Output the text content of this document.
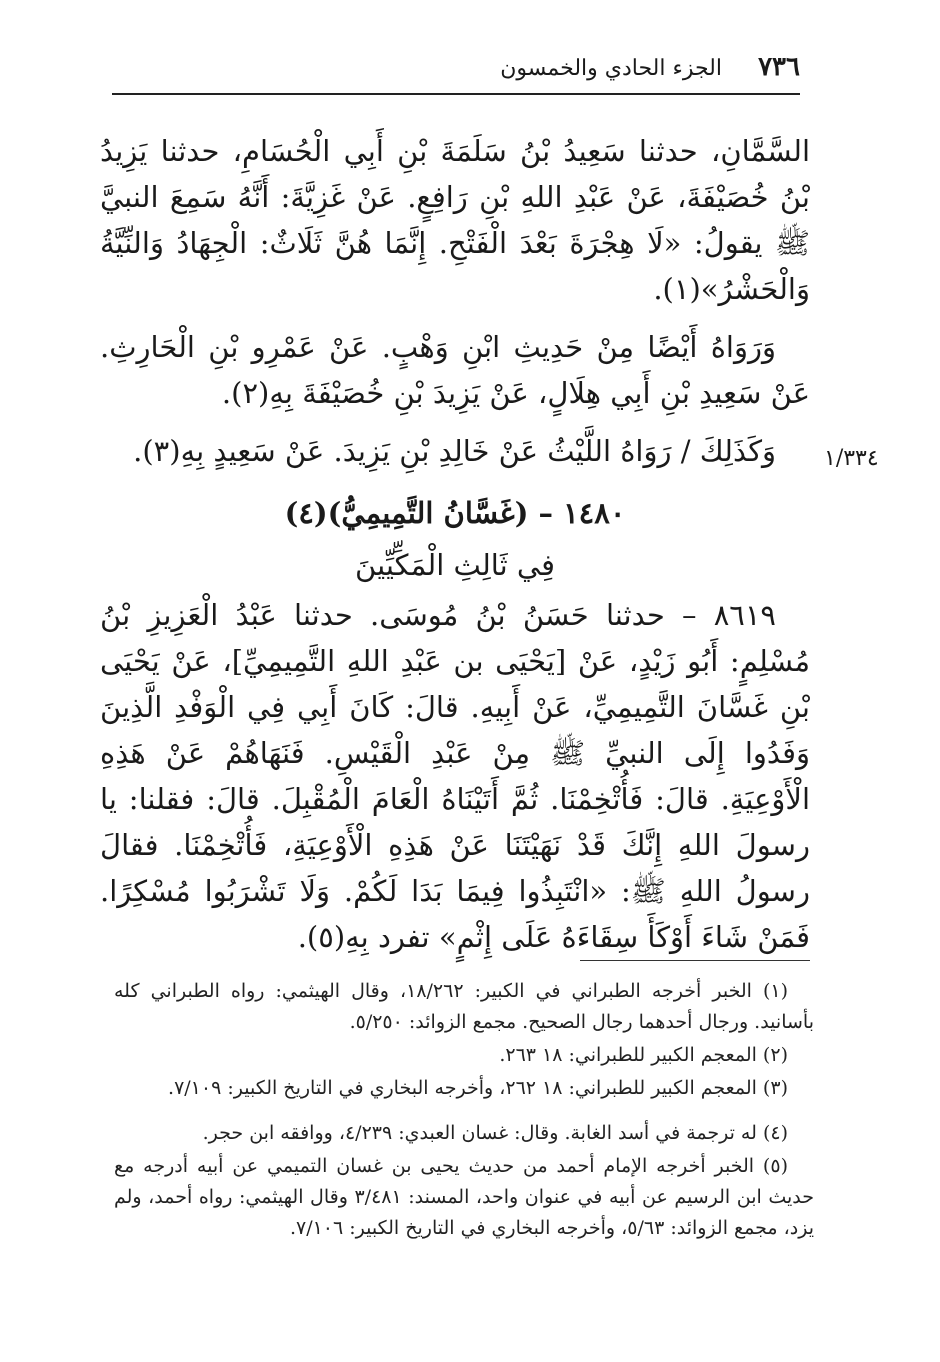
٧٣٦
الجزء الحادي والخمسون

السَّمَّانِ، حدثنا سَعِيدُ بْنُ سَلَمَةَ بْنِ أَبِي الْحُسَامِ، حدثنا يَزِيدُ بْنُ خُصَيْفَةَ، عَنْ عَبْدِ اللهِ بْنِ رَافِعٍ. عَنْ غَزِيَّةَ: أَنَّهُ سَمِعَ النبيَّ ﷺ يقولُ: «لَا هِجْرَةَ بَعْدَ الْفَتْحِ. إِنَّمَا هُنَّ ثَلَاثٌ: الْجِهَادُ وَالنِّيَّةُ وَالْحَشْرُ»(١).

وَرَوَاهُ أَيْضًا مِنْ حَدِيثِ ابْنِ وَهْبٍ. عَنْ عَمْرِو بْنِ الْحَارِثِ. عَنْ سَعِيدِ بْنِ أَبِي هِلَالٍ، عَنْ يَزِيدَ بْنِ خُصَيْفَةَ بِهِ(٢).

وَكَذَلِكَ / رَوَاهُ اللَّيْثُ عَنْ خَالِدِ بْنِ يَزِيدَ. عَنْ سَعِيدٍ بِهِ(٣).	١/٣٣٤
١٤٨٠ – (غَسَّانُ التَّمِيمِيُّ)(٤)
فِي ثَالِثِ الْمَكِّيِّينَ

٨٦١٩ – حدثنا حَسَنُ بْنُ مُوسَى. حدثنا عَبْدُ الْعَزِيزِ بْنُ مُسْلِمٍ: أَبُو زَيْدٍ، عَنْ [يَحْيَى بن عَبْدِ اللهِ التَّمِيمِيِّ]، عَنْ يَحْيَى بْنِ غَسَّانَ التَّمِيمِيِّ، عَنْ أَبِيهِ. قالَ: كَانَ أَبِي فِي الْوَفْدِ الَّذِينَ وَفَدُوا إِلَى النبيِّ ﷺ مِنْ عَبْدِ الْقَيْسِ. فَنَهَاهُمْ عَنْ هَذِهِ الْأَوْعِيَةِ. قالَ: فَأُتْخِمْنَا. ثُمَّ أَتَيْنَاهُ الْعَامَ الْمُقْبِلَ. قالَ: فقلنا: يا رسولَ اللهِ إِنَّكَ قَدْ نَهَيْتَنَا عَنْ هَذِهِ الْأَوْعِيَةِ، فَأُتْخِمْنَا. فقالَ رسولُ اللهِ ﷺ: «انْتَبِذُوا فِيمَا بَدَا لَكُمْ. وَلَا تَشْرَبُوا مُسْكِرًا. فَمَنْ شَاءَ أَوْكَأَ سِقَاءَهُ عَلَى إِثْمٍ» تفرد بِهِ(٥).

(١) الخبر أخرجه الطبراني في الكبير: ١٨/٢٦٢، وقال الهيثمي: رواه الطبراني كله بأسانيد. ورجال أحدهما رجال الصحيح. مجمع الزوائد: ٥/٢٥٠.

(٢) المعجم الكبير للطبراني: ١٨ ٢٦٣.

(٣) المعجم الكبير للطبراني: ١٨ ٢٦٢، وأخرجه البخاري في التاريخ الكبير: ٧/١٠٩.

(٤) له ترجمة في أسد الغابة. وقال: غسان العبدي: ٤/٢٣٩، ووافقه ابن حجر.

(٥) الخبر أخرجه الإمام أحمد من حديث يحيى بن غسان التميمي عن أبيه أدرجه مع حديث ابن الرسيم عن أبيه في عنوان واحد، المسند: ٣/٤٨١ وقال الهيثمي: رواه أحمد، ولم يزد، مجمع الزوائد: ٥/٦٣، وأخرجه البخاري في التاريخ الكبير: ٧/١٠٦.
